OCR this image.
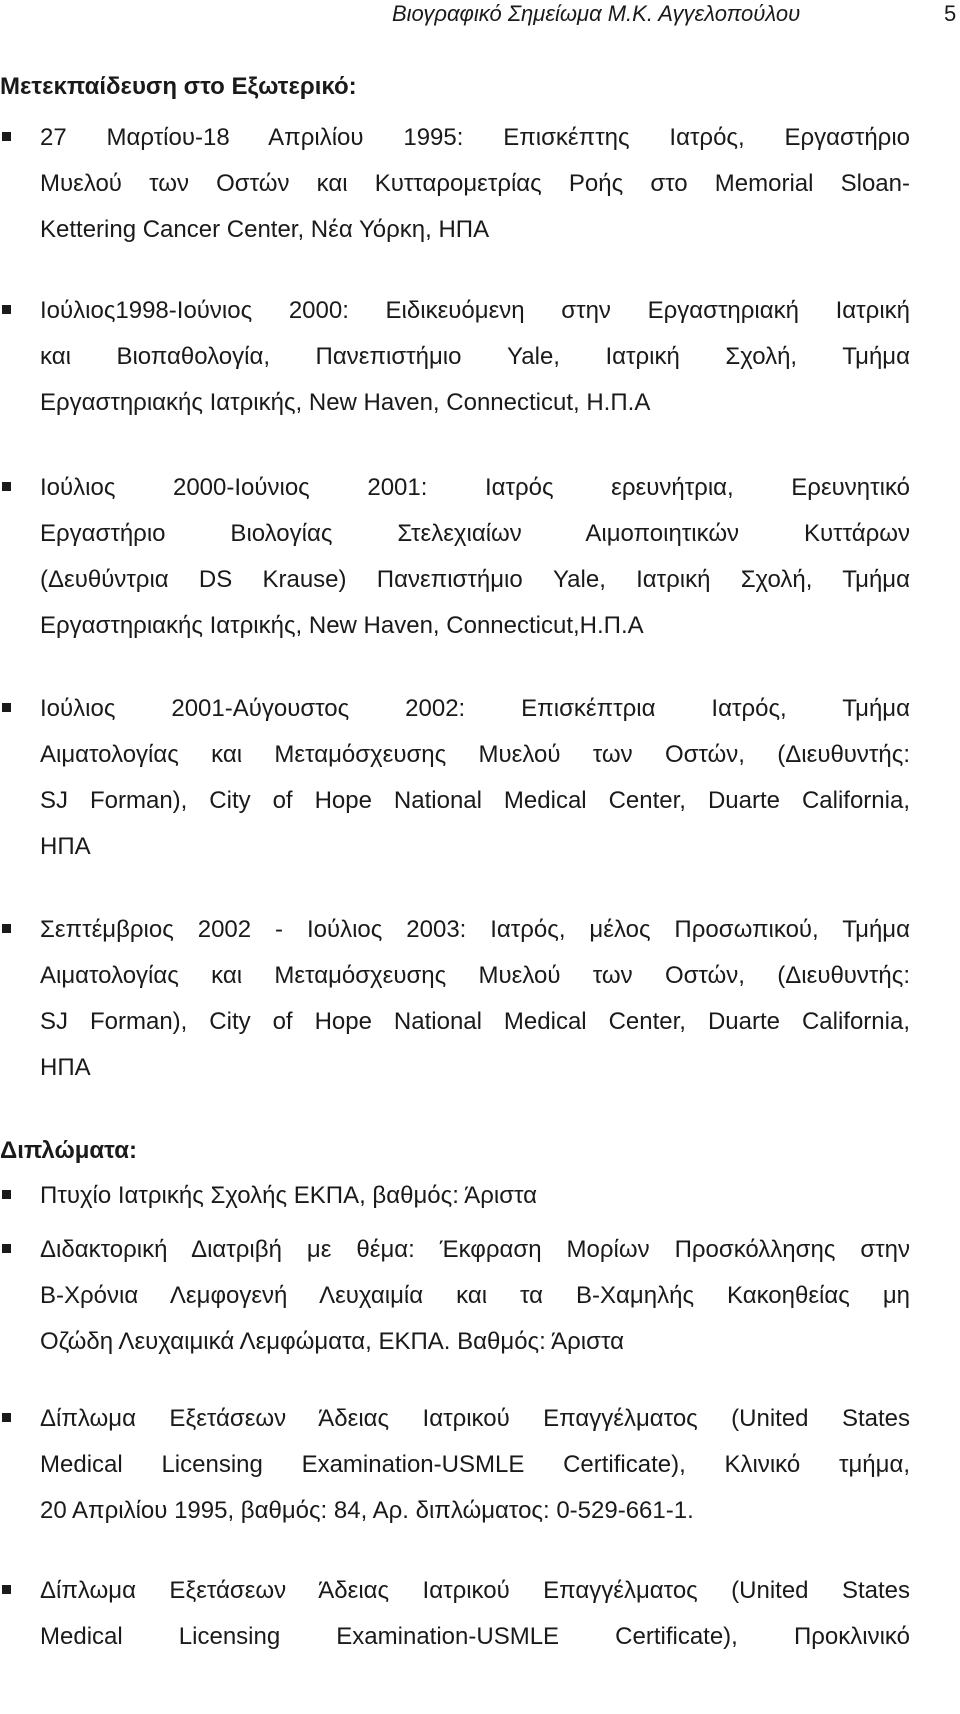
Βιογραφικό Σημείωμα Μ.Κ. Αγγελοπούλου	5
Μετεκπαίδευση στο Εξωτερικό:

27 Μαρτίου-18 Απριλίου 1995: Επισκέπτης Ιατρός, Εργαστήριο
Μυελού των Οστών και Κυτταρομετρίας Ροής στο Memorial Sloan-
Kettering Cancer Center, Νέα Υόρκη, ΗΠΑ

Ιούλιος1998-Ιούνιος 2000: Ειδικευόμενη στην Εργαστηριακή Ιατρική
και Βιοπαθολογία, Πανεπιστήμιο Yale, Ιατρική Σχολή, Τμήμα
Εργαστηριακής Ιατρικής, New Haven, Connecticut, Η.Π.Α

Ιούλιος 2000-Ιούνιος 2001: Ιατρός ερευνήτρια, Ερευνητικό
Εργαστήριο Βιολογίας Στελεχιαίων Αιμοποιητικών Κυττάρων
(Δευθύντρια DS Krause) Πανεπιστήμιο Yale, Ιατρική Σχολή, Τμήμα
Εργαστηριακής Ιατρικής, New Haven, Connecticut,Η.Π.Α

Ιούλιος 2001-Αύγουστος 2002: Επισκέπτρια Ιατρός, Τμήμα
Αιματολογίας και Μεταμόσχευσης Μυελού των Οστών, (Διευθυντής:
SJ Forman), City of Hope National Medical Center, Duarte California,
ΗΠΑ

Σεπτέμβριος 2002 - Ιούλιος 2003: Ιατρός, μέλος Προσωπικού, Τμήμα
Αιματολογίας και Μεταμόσχευσης Μυελού των Οστών, (Διευθυντής:
SJ Forman), City of Hope National Medical Center, Duarte California,
ΗΠΑ

Διπλώματα:

Πτυχίο Ιατρικής Σχολής ΕΚΠΑ, βαθμός: Άριστα

Διδακτορική Διατριβή με θέμα: Έκφραση Μορίων Προσκόλλησης στην
Β-Χρόνια Λεμφογενή Λευχαιμία και τα Β-Χαμηλής Κακοηθείας μη
Οζώδη Λευχαιμικά Λεμφώματα, ΕΚΠΑ. Βαθμός: Άριστα

Δίπλωμα Εξετάσεων Άδειας Ιατρικού Επαγγέλματος (United States
Medical Licensing Examination-USMLE Certificate), Κλινικό τμήμα,
20 Απριλίου 1995, βαθμός: 84, Αρ. διπλώματος: 0-529-661-1.

Δίπλωμα Εξετάσεων Άδειας Ιατρικού Επαγγέλματος (United States
Medical Licensing Examination-USMLE Certificate), Προκλινικό
